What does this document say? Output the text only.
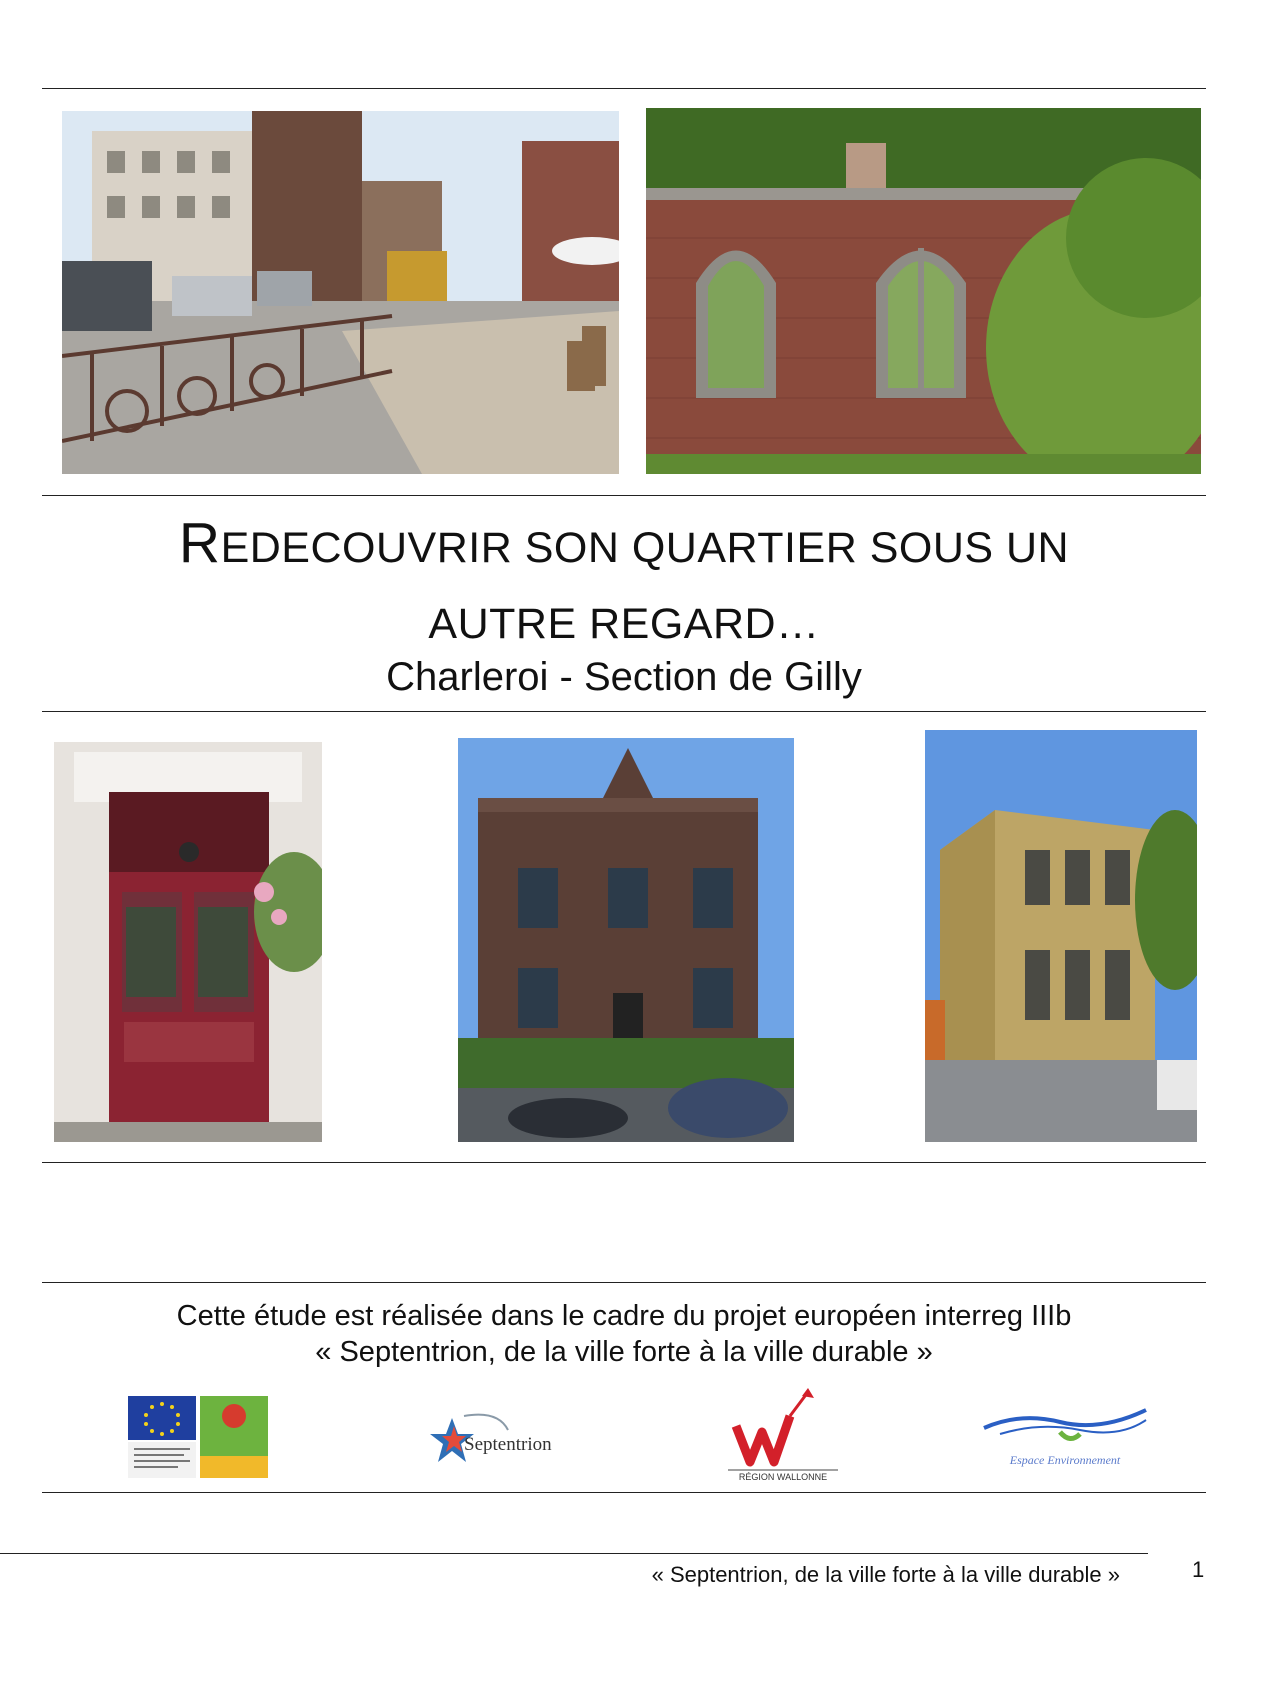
REDECOUVRIR SON QUARTIER SOUS UN
AUTRE REGARD…
Charleroi - Section de Gilly
Cette étude est réalisée dans le cadre du projet européen interreg IIIb
« Septentrion, de la ville forte à la ville durable »
Septentrion
RÉGION WALLONNE
Espace Environnement
« Septentrion, de la ville forte à la ville durable »	1
